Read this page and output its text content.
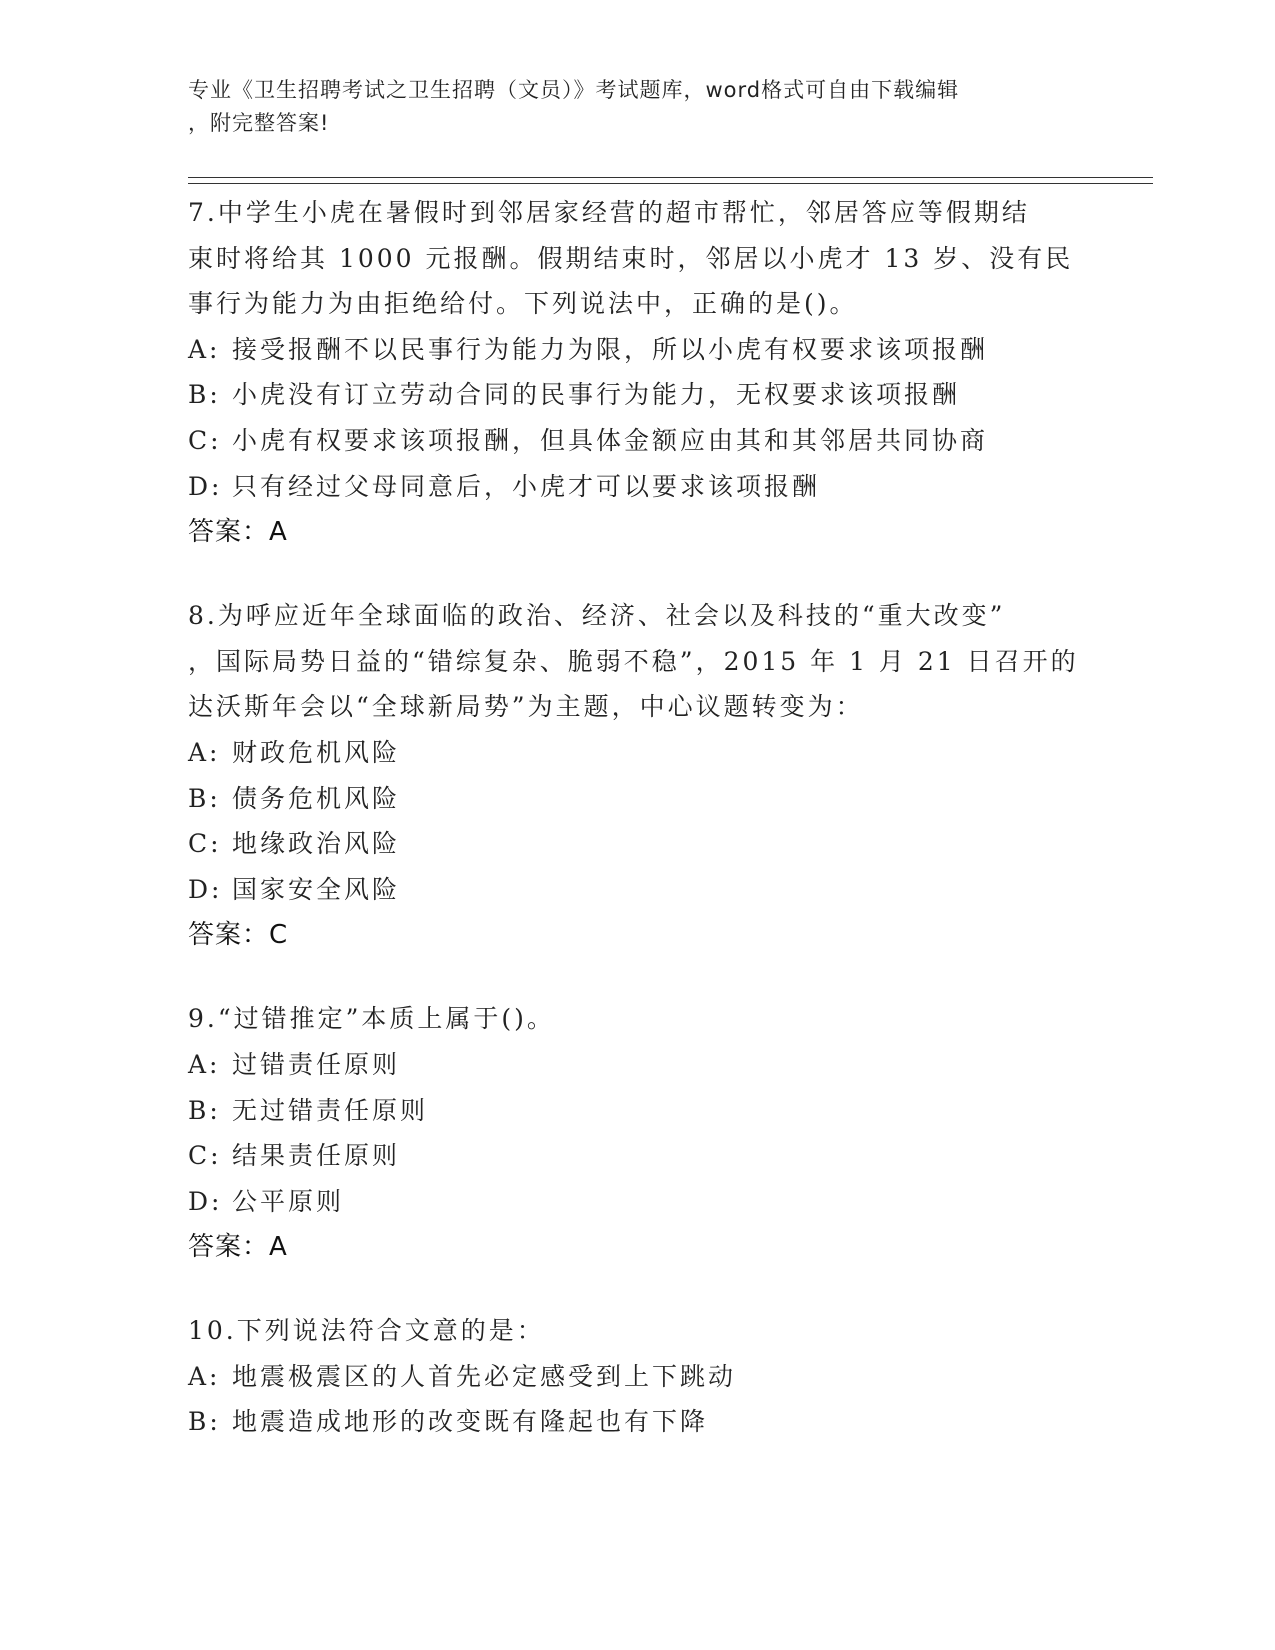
专业《卫生招聘考试之卫生招聘（文员）》考试题库，word格式可自由下载编辑
，附完整答案!
7.中学生小虎在暑假时到邻居家经营的超市帮忙，邻居答应等假期结
束时将给其 1000 元报酬。假期结束时，邻居以小虎才 13 岁、没有民
事行为能力为由拒绝给付。下列说法中，正确的是()。
A: 接受报酬不以民事行为能力为限，所以小虎有权要求该项报酬
B: 小虎没有订立劳动合同的民事行为能力，无权要求该项报酬
C: 小虎有权要求该项报酬，但具体金额应由其和其邻居共同协商
D: 只有经过父母同意后，小虎才可以要求该项报酬
答案：A
8.为呼应近年全球面临的政治、经济、社会以及科技的“重大改变”
，国际局势日益的“错综复杂、脆弱不稳”，2015 年 1 月 21 日召开的
达沃斯年会以“全球新局势”为主题，中心议题转变为：
A: 财政危机风险
B: 债务危机风险
C: 地缘政治风险
D: 国家安全风险
答案：C
9.“过错推定”本质上属于()。
A: 过错责任原则
B: 无过错责任原则
C: 结果责任原则
D: 公平原则
答案：A
10.下列说法符合文意的是：
A: 地震极震区的人首先必定感受到上下跳动
B: 地震造成地形的改变既有隆起也有下降
